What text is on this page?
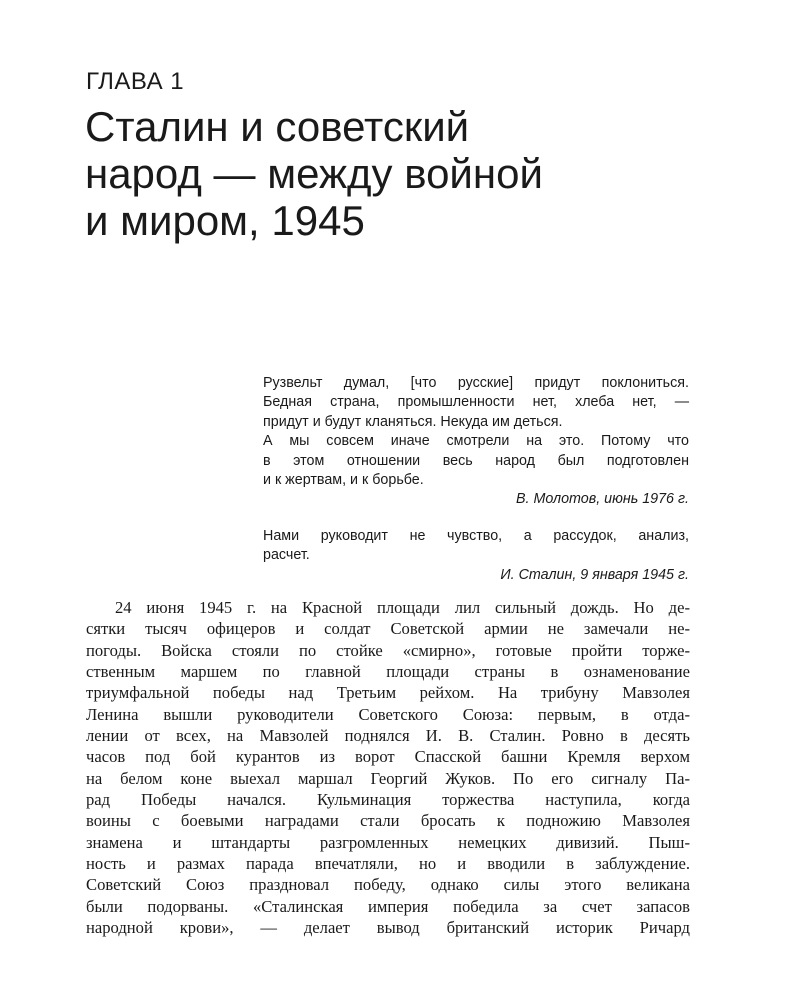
ГЛАВА 1
Сталин и советский
народ — между войной
и миром, 1945
Рузвельт думал, [что русские] придут поклониться.
Бедная страна, промышленности нет, хлеба нет, —
придут и будут кланяться. Некуда им деться.
А мы совсем иначе смотрели на это. Потому что
в этом отношении весь народ был подготовлен
и к жертвам, и к борьбе.
В. Молотов, июнь 1976 г.
Нами руководит не чувство, а рассудок, анализ,
расчет.
И. Сталин, 9 января 1945 г.
24 июня 1945 г. на Красной площади лил сильный дождь. Но де-
сятки тысяч офицеров и солдат Советской армии не замечали не-
погоды. Войска стояли по стойке «смирно», готовые пройти торже-
ственным маршем по главной площади страны в ознаменование
триумфальной победы над Третьим рейхом. На трибуну Мавзолея
Ленина вышли руководители Советского Союза: первым, в отда-
лении от всех, на Мавзолей поднялся И. В. Сталин. Ровно в десять
часов под бой курантов из ворот Спасской башни Кремля верхом
на белом коне выехал маршал Георгий Жуков. По его сигналу Па-
рад Победы начался. Кульминация торжества наступила, когда
воины с боевыми наградами стали бросать к подножию Мавзолея
знамена и штандарты разгромленных немецких дивизий. Пыш-
ность и размах парада впечатляли, но и вводили в заблуждение.
Советский Союз праздновал победу, однако силы этого великана
были подорваны. «Сталинская империя победила за счет запасов
народной крови», — делает вывод британский историк Ричард
